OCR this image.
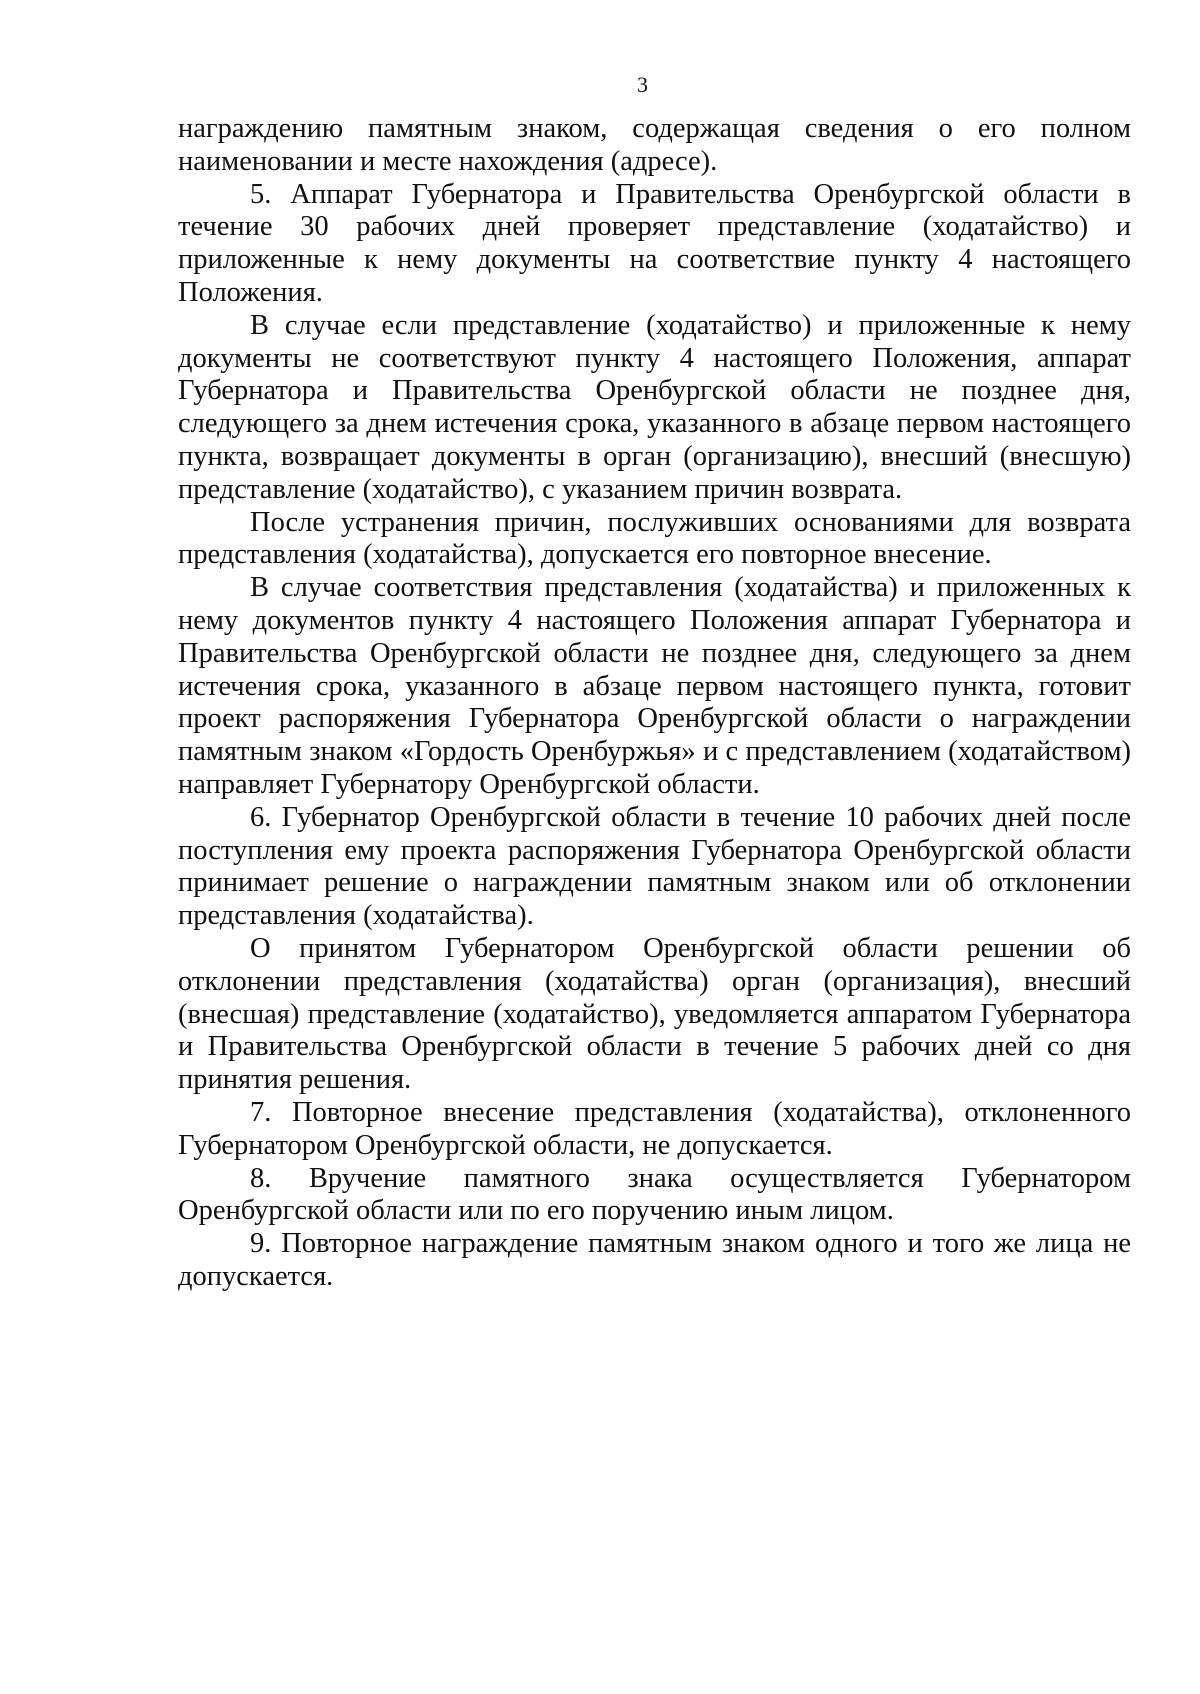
3

награждению памятным знаком, содержащая сведения о его полном наименовании и месте нахождения (адресе).

5. Аппарат Губернатора и Правительства Оренбургской области в течение 30 рабочих дней проверяет представление (ходатайство) и приложенные к нему документы на соответствие пункту 4 настоящего Положения.

В случае если представление (ходатайство) и приложенные к нему документы не соответствуют пункту 4 настоящего Положения, аппарат Губернатора и Правительства Оренбургской области не позднее дня, следующего за днем истечения срока, указанного в абзаце первом настоящего пункта, возвращает документы в орган (организацию), внесший (внесшую) представление (ходатайство), с указанием причин возврата.

После устранения причин, послуживших основаниями для возврата представления (ходатайства), допускается его повторное внесение.

В случае соответствия представления (ходатайства) и приложенных к нему документов пункту 4 настоящего Положения аппарат Губернатора и Правительства Оренбургской области не позднее дня, следующего за днем истечения срока, указанного в абзаце первом настоящего пункта, готовит проект распоряжения Губернатора Оренбургской области о награждении памятным знаком «Гордость Оренбуржья» и с представлением (ходатайством) направляет Губернатору Оренбургской области.

6. Губернатор Оренбургской области в течение 10 рабочих дней после поступления ему проекта распоряжения Губернатора Оренбургской области принимает решение о награждении памятным знаком или об отклонении представления (ходатайства).

О принятом Губернатором Оренбургской области решении об отклонении представления (ходатайства) орган (организация), внесший (внесшая) представление (ходатайство), уведомляется аппаратом Губернатора и Правительства Оренбургской области в течение 5 рабочих дней со дня принятия решения.

7. Повторное внесение представления (ходатайства), отклоненного Губернатором Оренбургской области, не допускается.

8. Вручение памятного знака осуществляется Губернатором Оренбургской области или по его поручению иным лицом.

9. Повторное награждение памятным знаком одного и того же лица не допускается.
